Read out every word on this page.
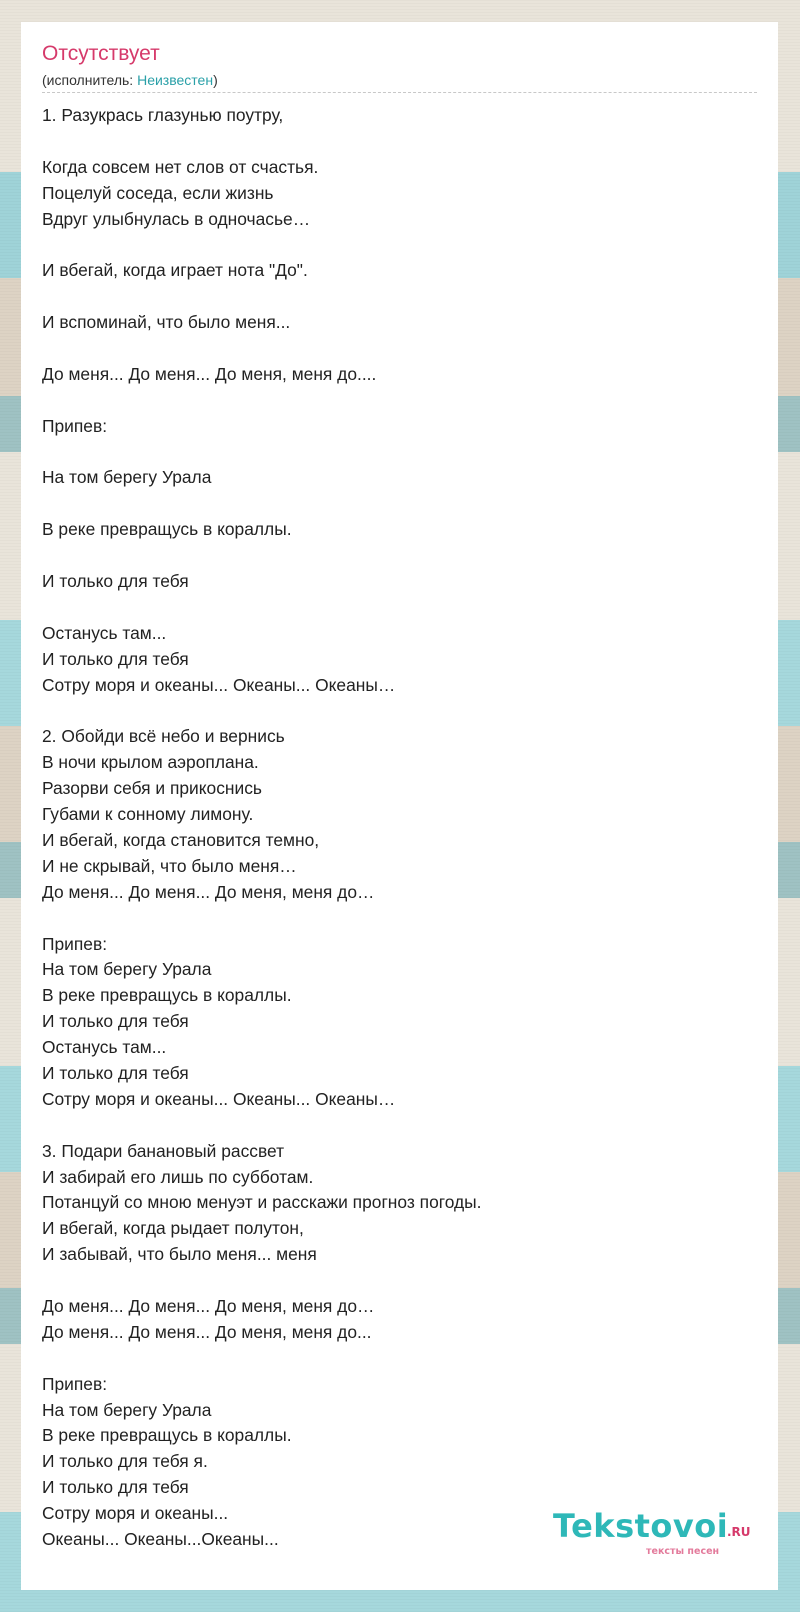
Отсутствует
(исполнитель: Неизвестен)
1. Разукрась глазунью поутру,
Когда совсем нет слов от счастья.
Поцелуй соседа, если жизнь
Вдруг улыбнулась в одночасье…
И вбегай, когда играет нота "До".
И вспоминай, что было меня...
До меня... До меня... До меня, меня до....
Припев:
На том берегу Урала
В реке превращусь в кораллы.
И только для тебя
Останусь там...
И только для тебя
Сотру моря и океаны... Океаны... Океаны…
2. Обойди всё небо и вернись
В ночи крылом аэроплана.
Разорви себя и прикоснись
Губами к сонному лимону.
И вбегай, когда становится темно,
И не скрывай, что было меня…
До меня... До меня... До меня, меня до…
Припев:
На том берегу Урала
В реке превращусь в кораллы.
И только для тебя
Останусь там...
И только для тебя
Сотру моря и океаны... Океаны... Океаны…
3. Подари банановый рассвет
И забирай его лишь по субботам.
Потанцуй со мною менуэт и расскажи прогноз погоды.
И вбегай, когда рыдает полутон,
И забывай, что было меня... меня
До меня... До меня... До меня, меня до…
До меня... До меня... До меня, меня до...
Припев:
На том берегу Урала
В реке превращусь в кораллы.
И только для тебя я.
И только для тебя
Сотру моря и океаны...
Океаны... Океаны...Океаны...	Tekstovoi
.RU
тексты песен
